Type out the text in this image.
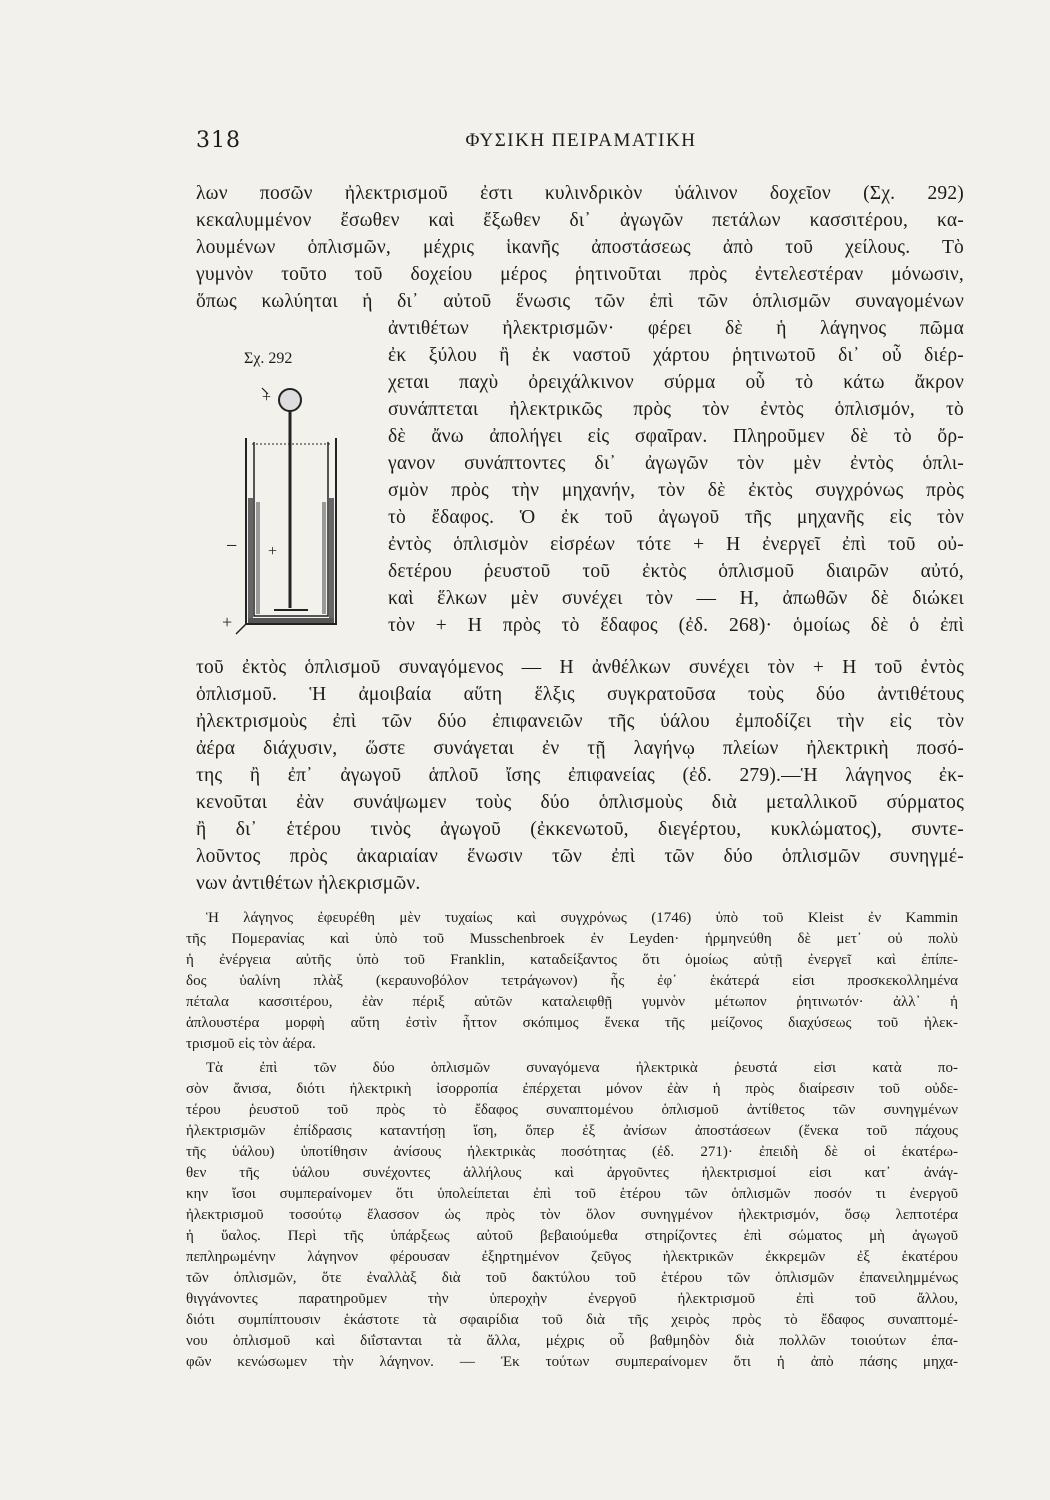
318	ΦΥΣΙΚΗ ΠΕΙΡΑΜΑΤΙΚΗ
λων ποσῶν ἠλεκτρισμοῦ ἐστι κυλινδρικὸν ὑάλινον δοχεῖον (Σχ. 292)
κεκαλυμμένον ἔσωθεν καὶ ἔξωθεν δι᾽ ἀγωγῶν πετάλων κασσιτέρου, κα-
λουμένων ὁπλισμῶν, μέχρις ἱκανῆς ἀποστάσεως ἀπὸ τοῦ χείλους. Τὸ
γυμνὸν τοῦτο τοῦ δοχείου μέρος ῥητινοῦται πρὸς ἐντελεστέραν μόνωσιν,
ὅπως κωλύηται ἡ δι᾽ αὐτοῦ ἕνωσις τῶν ἐπὶ τῶν ὁπλισμῶν συναγομένων
Σχ. 292
+
− +
+
ἀντιθέτων ἠλεκτρισμῶν· φέρει δὲ ἡ λάγηνος πῶμα
ἐκ ξύλου ἢ ἐκ ναστοῦ χάρτου ῥητινωτοῦ δι᾽ οὗ διέρ-
χεται παχὺ ὀρειχάλκινον σύρμα οὗ τὸ κάτω ἄκρον
συνάπτεται ἠλεκτρικῶς πρὸς τὸν ἐντὸς ὁπλισμόν, τὸ
δὲ ἄνω ἀπολήγει εἰς σφαῖραν. Πληροῦμεν δὲ τὸ ὄρ-
γανον συνάπτοντες δι᾽ ἀγωγῶν τὸν μὲν ἐντὸς ὁπλι-
σμὸν πρὸς τὴν μηχανήν, τὸν δὲ ἐκτὸς συγχρόνως πρὸς
τὸ ἔδαφος. Ὁ ἐκ τοῦ ἀγωγοῦ τῆς μηχανῆς εἰς τὸν
ἐντὸς ὁπλισμὸν εἰσρέων τότε + Η ἐνεργεῖ ἐπὶ τοῦ οὐ-
δετέρου ῥευστοῦ τοῦ ἐκτὸς ὁπλισμοῦ διαιρῶν αὐτό,
καὶ ἕλκων μὲν συνέχει τὸν — Η, ἀπωθῶν δὲ διώκει
τὸν + Η πρὸς τὸ ἔδαφος (ἐδ. 268)· ὁμοίως δὲ ὁ ἐπὶ
τοῦ ἐκτὸς ὁπλισμοῦ συναγόμενος — Η ἀνθέλκων συνέχει τὸν + Η τοῦ ἐντὸς
ὁπλισμοῦ. Ἡ ἀμοιβαία αὕτη ἕλξις συγκρατοῦσα τοὺς δύο ἀντιθέτους
ἠλεκτρισμοὺς ἐπὶ τῶν δύο ἐπιφανειῶν τῆς ὑάλου ἐμποδίζει τὴν εἰς τὸν
ἀέρα διάχυσιν, ὥστε συνάγεται ἐν τῇ λαγήνῳ πλείων ἠλεκτρικὴ ποσό-
της ἢ ἐπ᾽ ἀγωγοῦ ἁπλοῦ ἴσης ἐπιφανείας (ἐδ. 279).—Ἡ λάγηνος ἐκ-
κενοῦται ἐὰν συνάψωμεν τοὺς δύο ὁπλισμοὺς διὰ μεταλλικοῦ σύρματος
ἢ δι᾽ ἑτέρου τινὸς ἀγωγοῦ (ἐκκενωτοῦ, διεγέρτου, κυκλώματος), συντε-
λοῦντος πρὸς ἀκαριαίαν ἕνωσιν τῶν ἐπὶ τῶν δύο ὁπλισμῶν συνηγμέ-
νων ἀντιθέτων ἠλεκρισμῶν.
Ἡ λάγηνος ἐφευρέθη μὲν τυχαίως καὶ συγχρόνως (1746) ὑπὸ τοῦ Kleist ἐν Kammin
τῆς Πομερανίας καὶ ὑπὸ τοῦ Musschenbroek ἐν Leyden· ἡρμηνεύθη δὲ μετ᾽ οὐ πολὺ
ἡ ἐνέργεια αὐτῆς ὑπὸ τοῦ Franklin, καταδείξαντος ὅτι ὁμοίως αὐτῇ ἐνεργεῖ καὶ ἐπίπε-
δος ὑαλίνη πλὰξ (κεραυνοβόλον τετράγωνον) ἧς ἐφ᾽ ἑκάτερά εἰσι προσκεκολλημένα
πέταλα κασσιτέρου, ἐὰν πέριξ αὐτῶν καταλειφθῇ γυμνὸν μέτωπον ῥητινωτόν· ἀλλ᾽ ἡ
ἁπλουστέρα μορφὴ αὕτη ἐστὶν ἧττον σκόπιμος ἕνεκα τῆς μείζονος διαχύσεως τοῦ ἠλεκ-
τρισμοῦ εἰς τὸν ἀέρα.
Τὰ ἐπὶ τῶν δύο ὁπλισμῶν συναγόμενα ἠλεκτρικὰ ῥευστά εἰσι κατὰ πο-
σὸν ἄνισα, διότι ἠλεκτρικὴ ἰσορροπία ἐπέρχεται μόνον ἐὰν ἡ πρὸς διαίρεσιν τοῦ οὐδε-
τέρου ῥευστοῦ τοῦ πρὸς τὸ ἔδαφος συναπτομένου ὁπλισμοῦ ἀντίθετος τῶν συνηγμένων
ἠλεκτρισμῶν ἐπίδρασις καταντήσῃ ἴση, ὅπερ ἐξ ἀνίσων ἀποστάσεων (ἕνεκα τοῦ πάχους
τῆς ὑάλου) ὑποτίθησιν ἀνίσους ἠλεκτρικὰς ποσότητας (ἐδ. 271)· ἐπειδὴ δὲ οἱ ἑκατέρω-
θεν τῆς ὑάλου συνέχοντες ἀλλήλους καὶ ἀργοῦντες ἠλεκτρισμοί εἰσι κατ᾽ ἀνάγ-
κην ἴσοι συμπεραίνομεν ὅτι ὑπολείπεται ἐπὶ τοῦ ἑτέρου τῶν ὁπλισμῶν ποσόν τι ἐνεργοῦ
ἠλεκτρισμοῦ τοσούτῳ ἔλασσον ὡς πρὸς τὸν ὅλον συνηγμένον ἠλεκτρισμόν, ὅσῳ λεπτοτέρα
ἡ ὕαλος. Περὶ τῆς ὑπάρξεως αὐτοῦ βεβαιούμεθα στηρίζοντες ἐπὶ σώματος μὴ ἀγωγοῦ
πεπληρωμένην λάγηνον φέρουσαν ἐξηρτημένον ζεῦγος ἠλεκτρικῶν ἐκκρεμῶν ἐξ ἑκατέρου
τῶν ὁπλισμῶν, ὅτε ἐναλλὰξ διὰ τοῦ δακτύλου τοῦ ἑτέρου τῶν ὁπλισμῶν ἐπανειλημμένως
θιγγάνοντες παρατηροῦμεν τὴν ὑπεροχὴν ἐνεργοῦ ἠλεκτρισμοῦ ἐπὶ τοῦ ἄλλου,
διότι συμπίπτουσιν ἑκάστοτε τὰ σφαιρίδια τοῦ διὰ τῆς χειρὸς πρὸς τὸ ἔδαφος συναπτομέ-
νου ὁπλισμοῦ καὶ διΐστανται τὰ ἄλλα, μέχρις οὗ βαθμηδὸν διὰ πολλῶν τοιούτων ἐπα-
φῶν κενώσωμεν τὴν λάγηνον. — Ἐκ τούτων συμπεραίνομεν ὅτι ἡ ἀπὸ πάσης μηχα-
